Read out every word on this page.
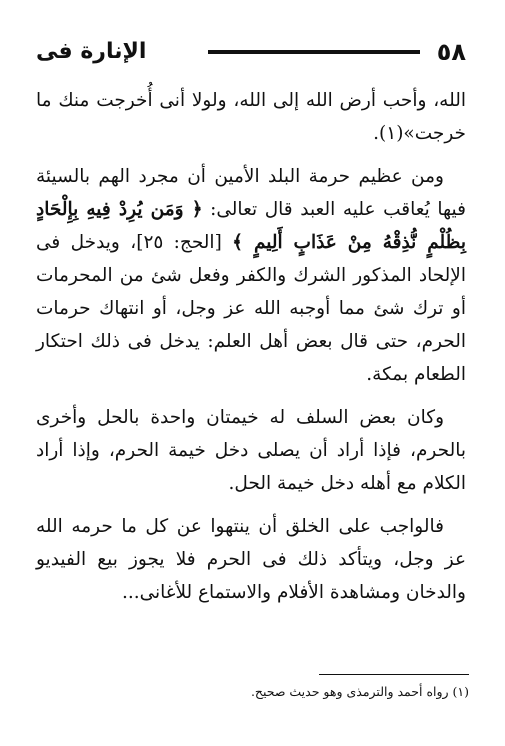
٥٨
الإنارة فى

الله، وأحب أرض الله إلى الله، ولولا أنى أُخرجت منك ما خرجت»(١).

ومن عظيم حرمة البلد الأمين أن مجرد الهم بالسيئة فيها يُعاقب عليه العبد قال تعالى: ﴿ وَمَن يُرِدْ فِيهِ بِإِلْحَادٍ بِظُلْمٍ نُّذِقْهُ مِنْ عَذَابٍ أَلِيمٍ ﴾ [الحج: ٢٥]، ويدخل فى الإلحاد المذكور الشرك والكفر وفعل شئ من المحرمات أو ترك شئ مما أوجبه الله عز وجل، أو انتهاك حرمات الحرم، حتى قال بعض أهل العلم: يدخل فى ذلك احتكار الطعام بمكة.

وكان بعض السلف له خيمتان واحدة بالحل وأخرى بالحرم، فإذا أراد أن يصلى دخل خيمة الحرم، وإذا أراد الكلام مع أهله دخل خيمة الحل.

فالواجب على الخلق أن ينتهوا عن كل ما حرمه الله عز وجل، ويتأكد ذلك فى الحرم فلا يجوز بيع الفيديو والدخان ومشاهدة الأفلام والاستماع للأغانى...

(١) رواه أحمد والترمذى وهو حديث صحيح.
